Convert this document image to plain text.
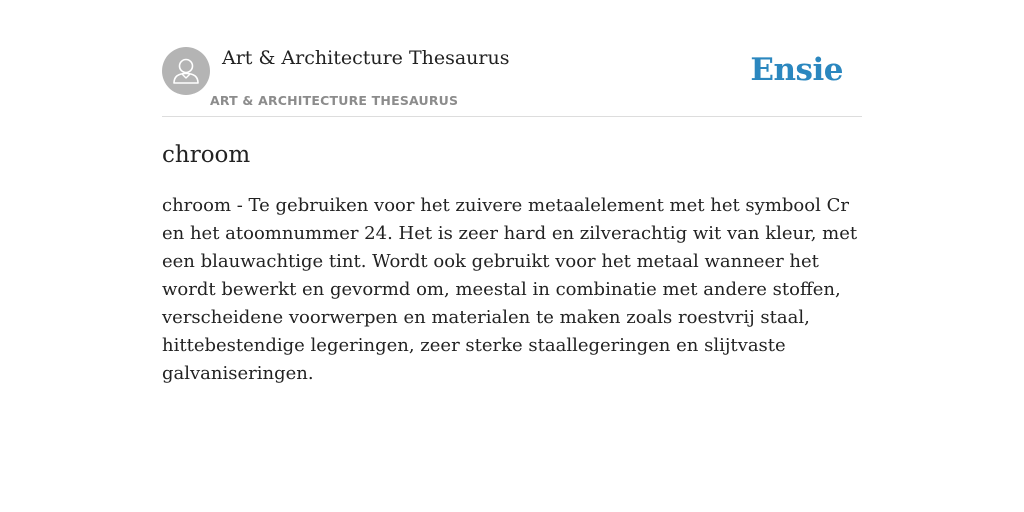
Art & Architecture Thesaurus
ART & ARCHITECTURE THESAURUS
Ensie
chroom

chroom - Te gebruiken voor het zuivere metaalelement met het symbool Cr en het atoomnummer 24. Het is zeer hard en zilverachtig wit van kleur, met een blauwachtige tint. Wordt ook gebruikt voor het metaal wanneer het wordt bewerkt en gevormd om, meestal in combinatie met andere stoffen, verscheidene voorwerpen en materialen te maken zoals roestvrij staal, hittebestendige legeringen, zeer sterke staallegeringen en slijtvaste galvaniseringen.
